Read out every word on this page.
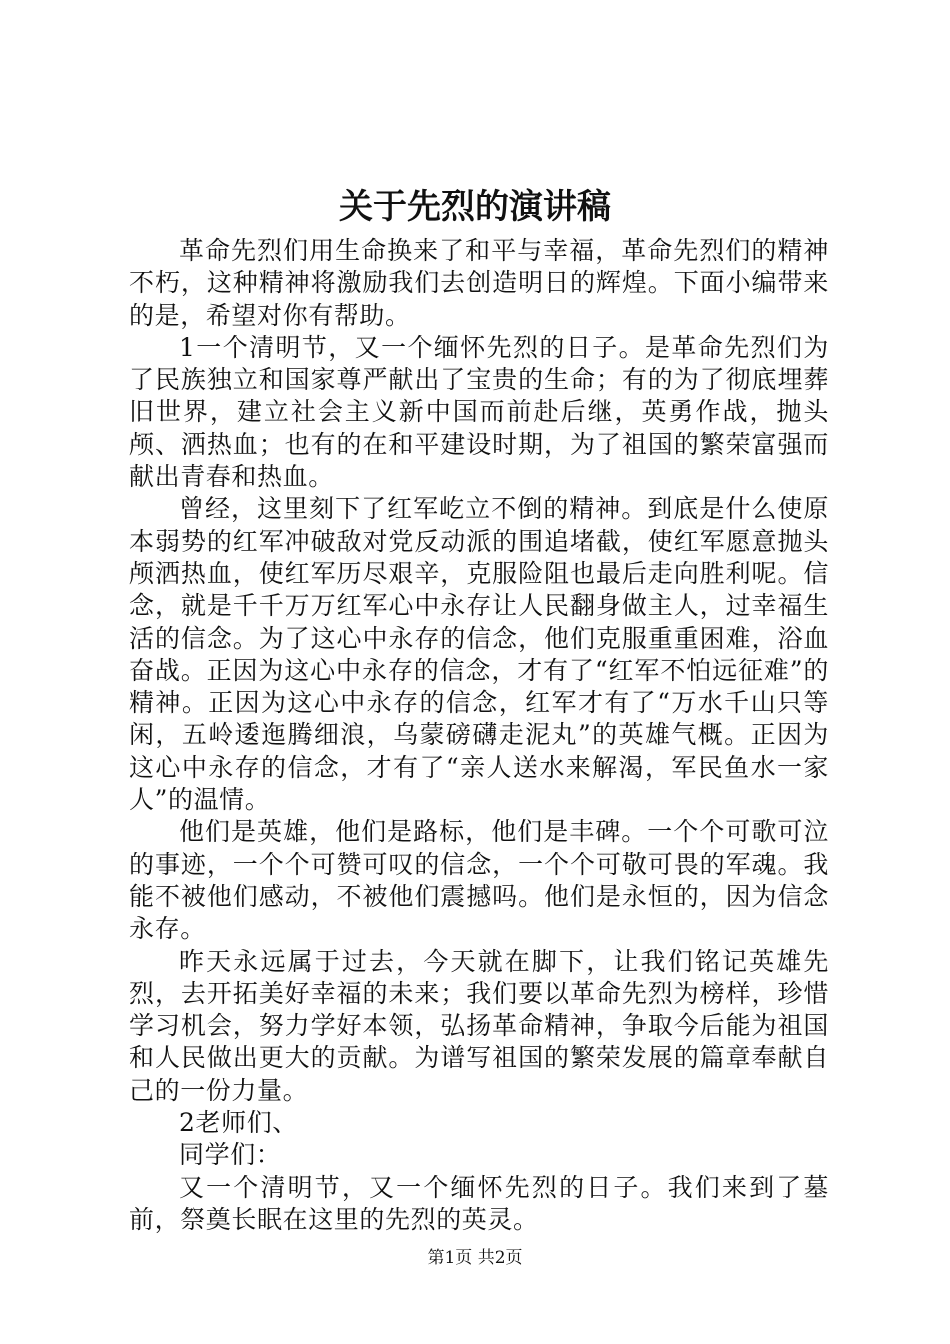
关于先烈的演讲稿

革命先烈们用生命换来了和平与幸福，革命先烈们的精神不朽，这种精神将激励我们去创造明日的辉煌。下面小编带来的是，希望对你有帮助。

1一个清明节，又一个缅怀先烈的日子。是革命先烈们为了民族独立和国家尊严献出了宝贵的生命；有的为了彻底埋葬旧世界，建立社会主义新中国而前赴后继，英勇作战，抛头颅、洒热血；也有的在和平建设时期，为了祖国的繁荣富强而献出青春和热血。

曾经，这里刻下了红军屹立不倒的精神。到底是什么使原本弱势的红军冲破敌对党反动派的围追堵截，使红军愿意抛头颅洒热血，使红军历尽艰辛，克服险阻也最后走向胜利呢。信念，就是千千万万红军心中永存让人民翻身做主人，过幸福生活的信念。为了这心中永存的信念，他们克服重重困难，浴血奋战。正因为这心中永存的信念，才有了“红军不怕远征难”的精神。正因为这心中永存的信念，红军才有了“万水千山只等闲，五岭逶迤腾细浪，乌蒙磅礴走泥丸”的英雄气概。正因为这心中永存的信念，才有了“亲人送水来解渴，军民鱼水一家人”的温情。

他们是英雄，他们是路标，他们是丰碑。一个个可歌可泣的事迹，一个个可赞可叹的信念，一个个可敬可畏的军魂。我能不被他们感动，不被他们震撼吗。他们是永恒的，因为信念永存。

昨天永远属于过去，今天就在脚下，让我们铭记英雄先烈，去开拓美好幸福的未来；我们要以革命先烈为榜样，珍惜学习机会，努力学好本领，弘扬革命精神，争取今后能为祖国和人民做出更大的贡献。为谱写祖国的繁荣发展的篇章奉献自己的一份力量。

2老师们、

同学们：

又一个清明节，又一个缅怀先烈的日子。我们来到了墓前，祭奠长眠在这里的先烈的英灵。

第1页 共2页
